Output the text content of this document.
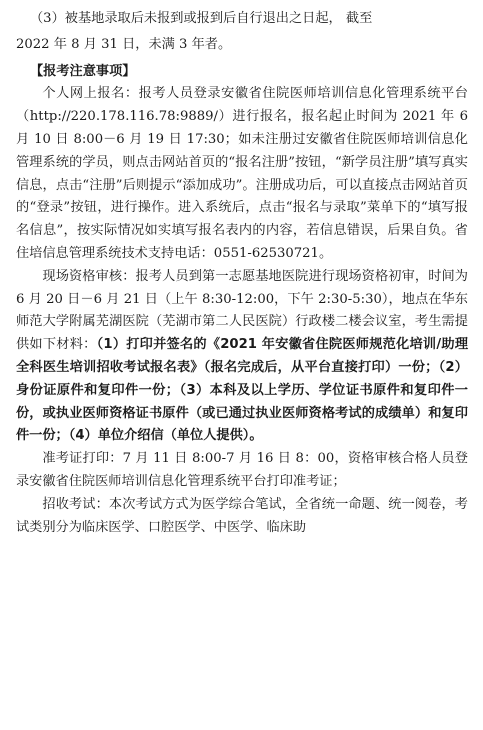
（3）被基地录取后未报到或报到后自行退出之日起， 截至

2022 年 8 月 31 日，未满 3 年者。

【报考注意事项】

个人网上报名：报考人员登录安徽省住院医师培训信息化管理系统平台（http://220.178.116.78:9889/）进行报名，报名起止时间为 2021 年 6 月 10 日 8:00－6 月 19 日 17:30；如未注册过安徽省住院医师培训信息化管理系统的学员，则点击网站首页的“报名注册”按钮，“新学员注册”填写真实信息，点击“注册”后则提示“添加成功”。注册成功后，可以直接点击网站首页的“登录”按钮，进行操作。进入系统后，点击“报名与录取”菜单下的“填写报名信息”，按实际情况如实填写报名表内的内容，若信息错误，后果自负。省住培信息管理系统技术支持电话：0551-62530721。

现场资格审核：报考人员到第一志愿基地医院进行现场资格初审，时间为 6 月 20 日－6 月 21 日（上午 8:30-12:00，下午 2:30-5:30），地点在华东师范大学附属芜湖医院（芜湖市第二人民医院）行政楼二楼会议室，考生需提供如下材料：（1）打印并签名的《2021 年安徽省住院医师规范化培训/助理全科医生培训招收考试报名表》（报名完成后，从平台直接打印）一份；（2）身份证原件和复印件一份；（3）本科及以上学历、学位证书原件和复印件一份，或执业医师资格证书原件（或已通过执业医师资格考试的成绩单）和复印件一份；（4）单位介绍信（单位人提供）。

准考证打印：7 月 11 日 8:00-7 月 16 日 8：00，资格审核合格人员登录安徽省住院医师培训信息化管理系统平台打印准考证；

招收考试：本次考试方式为医学综合笔试，全省统一命题、统一阅卷，考试类别分为临床医学、口腔医学、中医学、临床助
